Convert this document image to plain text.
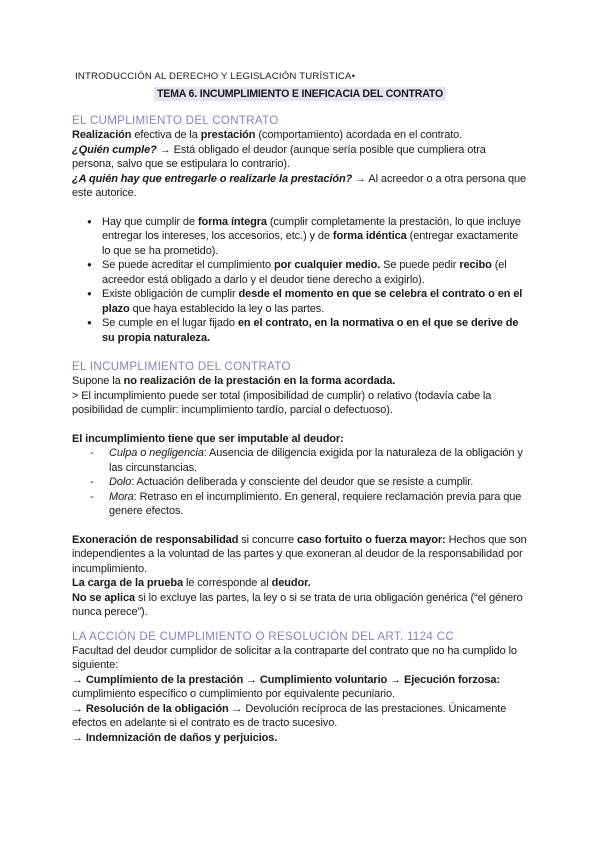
INTRODUCCIÓN AL DERECHO Y LEGISLACIÓN TURÍSTICA•

TEMA 6. INCUMPLIMIENTO E INEFICACIA DEL CONTRATO
EL CUMPLIMIENTO DEL CONTRATO

Realización efectiva de la prestación (comportamiento) acordada en el contrato.

¿Quién cumple? → Está obligado el deudor (aunque sería posible que cumpliera otra persona, salvo que se estipulara lo contrario).

¿A quién hay que entregarle o realizarle la prestación? → Al acreedor o a otra persona que este autorice.

● Hay que cumplir de forma íntegra (cumplir completamente la prestación, lo que incluye entregar los intereses, los accesorios, etc.) y de forma idéntica (entregar exactamente lo que se ha prometido).
● Se puede acreditar el cumplimiento por cualquier medio. Se puede pedir recibo (el acreedor está obligado a darlo y el deudor tiene derecho a exigirlo).
● Existe obligación de cumplir desde el momento en que se celebra el contrato o en el plazo que haya establecido la ley o las partes.
● Se cumple en el lugar fijado en el contrato, en la normativa o en el que se derive de su propia naturaleza.
EL INCUMPLIMIENTO DEL CONTRATO

Supone la no realización de la prestación en la forma acordada.

> El incumplimiento puede ser total (imposibilidad de cumplir) o relativo (todavía cabe la posibilidad de cumplir: incumplimiento tardío, parcial o defectuoso).

El incumplimiento tiene que ser imputable al deudor:

- Culpa o negligencia: Ausencia de diligencia exigida por la naturaleza de la obligación y las circunstancias.
- Dolo: Actuación deliberada y consciente del deudor que se resiste a cumplir.
- Mora: Retraso en el incumplimiento. En general, requiere reclamación previa para que genere efectos.

Exoneración de responsabilidad si concurre caso fortuito o fuerza mayor: Hechos que son independientes a la voluntad de las partes y que exoneran al deudor de la responsabilidad por incumplimiento.

La carga de la prueba le corresponde al deudor.

No se aplica si lo excluye las partes, la ley o si se trata de una obligación genérica (“el género nunca perece”).

LA ACCIÓN DE CUMPLIMIENTO O RESOLUCIÓN DEL ART. 1124 CC

Facultad del deudor cumplidor de solicitar a la contraparte del contrato que no ha cumplido lo siguiente:

→ Cumplimiento de la prestación → Cumplimiento voluntario → Ejecución forzosa: cumplimiento específico o cumplimiento por equivalente pecuniario.

→ Resolución de la obligación → Devolución recíproca de las prestaciones. Únicamente efectos en adelante si el contrato es de tracto sucesivo.

→ Indemnización de daños y perjuicios.
